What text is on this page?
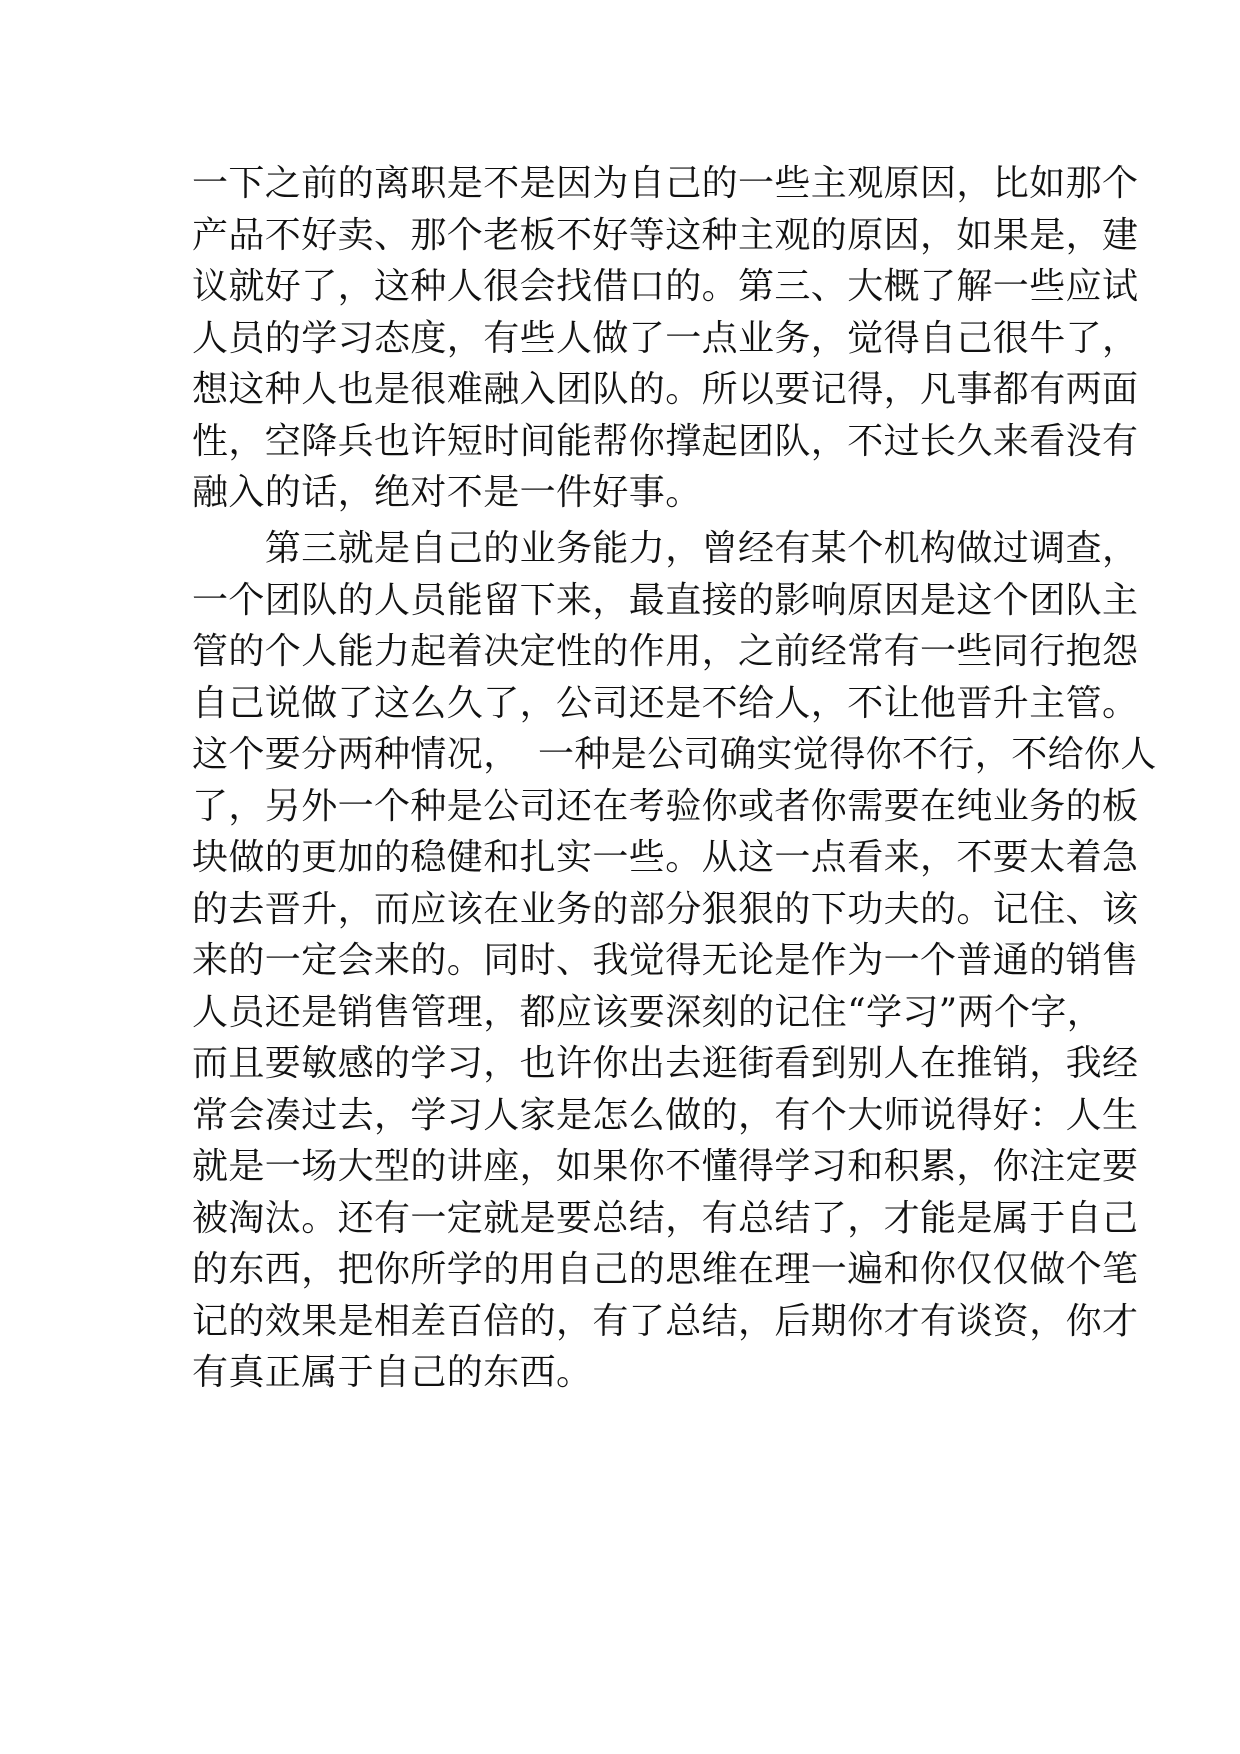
一下之前的离职是不是因为自己的一些主观原因，比如那个
产品不好卖、那个老板不好等这种主观的原因，如果是，建
议就好了，这种人很会找借口的。第三、大概了解一些应试
人员的学习态度，有些人做了一点业务，觉得自己很牛了，
想这种人也是很难融入团队的。所以要记得，凡事都有两面
性，空降兵也许短时间能帮你撑起团队，不过长久来看没有
融入的话，绝对不是一件好事。
　　第三就是自己的业务能力，曾经有某个机构做过调查，
一个团队的人员能留下来，最直接的影响原因是这个团队主
管的个人能力起着决定性的作用，之前经常有一些同行抱怨
自己说做了这么久了，公司还是不给人，不让他晋升主管。
这个要分两种情况，　一种是公司确实觉得你不行，不给你人
了，另外一个种是公司还在考验你或者你需要在纯业务的板
块做的更加的稳健和扎实一些。从这一点看来，不要太着急
的去晋升，而应该在业务的部分狠狠的下功夫的。记住、该
来的一定会来的。同时、我觉得无论是作为一个普通的销售
人员还是销售管理，都应该要深刻的记住“学习”两个字，
而且要敏感的学习，也许你出去逛街看到别人在推销，我经
常会凑过去，学习人家是怎么做的，有个大师说得好：人生
就是一场大型的讲座，如果你不懂得学习和积累，你注定要
被淘汰。还有一定就是要总结，有总结了，才能是属于自己
的东西，把你所学的用自己的思维在理一遍和你仅仅做个笔
记的效果是相差百倍的，有了总结，后期你才有谈资，你才
有真正属于自己的东西。
